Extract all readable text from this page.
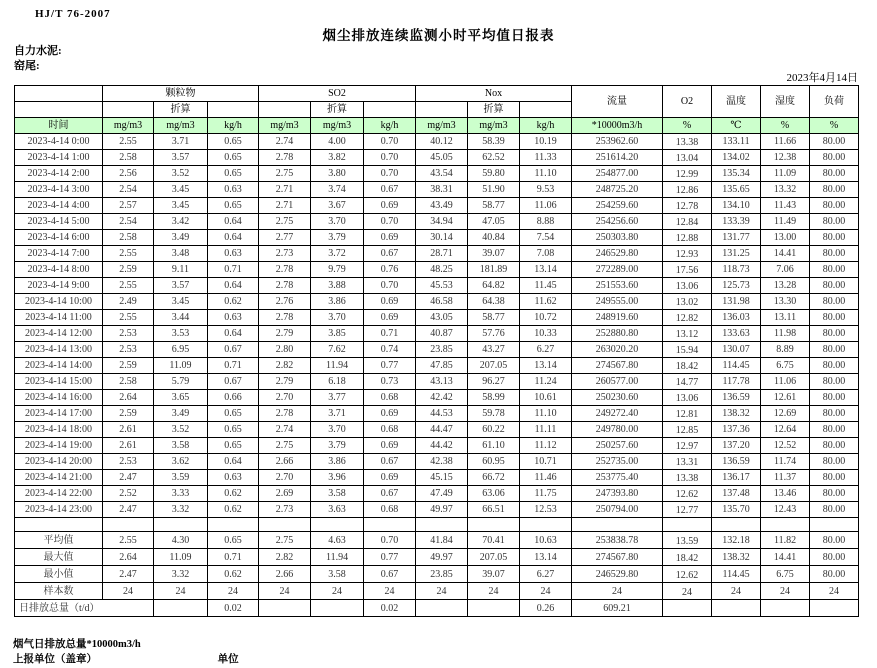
HJ/T 76-2007
烟尘排放连续监测小时平均值日报表
自力水泥:
窑尾:
2023年4月14日
	颗粒物			SO2			Nox			流量	O2	温度	湿度	负荷
		折算			折算			折算						
时间	mg/m3	mg/m3	kg/h	mg/m3	mg/m3	kg/h	mg/m3	mg/m3	kg/h	*10000m3/h	%	℃	%	%
2023-4-14 0:00	2.55	3.71	0.65	2.74	4.00	0.70	40.12	58.39	10.19	253962.60	13.38	133.11	11.66	80.00
2023-4-14 1:00	2.58	3.57	0.65	2.78	3.82	0.70	45.05	62.52	11.33	251614.20	13.04	134.02	12.38	80.00
2023-4-14 2:00	2.56	3.52	0.65	2.75	3.80	0.70	43.54	59.80	11.10	254877.00	12.99	135.34	11.09	80.00
2023-4-14 3:00	2.54	3.45	0.63	2.71	3.74	0.67	38.31	51.90	9.53	248725.20	12.86	135.65	13.32	80.00
2023-4-14 4:00	2.57	3.45	0.65	2.71	3.67	0.69	43.49	58.77	11.06	254259.60	12.78	134.10	11.43	80.00
2023-4-14 5:00	2.54	3.42	0.64	2.75	3.70	0.70	34.94	47.05	8.88	254256.60	12.84	133.39	11.49	80.00
2023-4-14 6:00	2.58	3.49	0.64	2.77	3.79	0.69	30.14	40.84	7.54	250303.80	12.88	131.77	13.00	80.00
2023-4-14 7:00	2.55	3.48	0.63	2.73	3.72	0.67	28.71	39.07	7.08	246529.80	12.93	131.25	14.41	80.00
2023-4-14 8:00	2.59	9.11	0.71	2.78	9.79	0.76	48.25	181.89	13.14	272289.00	17.56	118.73	7.06	80.00
2023-4-14 9:00	2.55	3.57	0.64	2.78	3.88	0.70	45.53	64.82	11.45	251553.60	13.06	125.73	13.28	80.00
2023-4-14 10:00	2.49	3.45	0.62	2.76	3.86	0.69	46.58	64.38	11.62	249555.00	13.02	131.98	13.30	80.00
2023-4-14 11:00	2.55	3.44	0.63	2.78	3.70	0.69	43.05	58.77	10.72	248919.60	12.82	136.03	13.11	80.00
2023-4-14 12:00	2.53	3.53	0.64	2.79	3.85	0.71	40.87	57.76	10.33	252880.80	13.12	133.63	11.98	80.00
2023-4-14 13:00	2.53	6.95	0.67	2.80	7.62	0.74	23.85	43.27	6.27	263020.20	15.94	130.07	8.89	80.00
2023-4-14 14:00	2.59	11.09	0.71	2.82	11.94	0.77	47.85	207.05	13.14	274567.80	18.42	114.45	6.75	80.00
2023-4-14 15:00	2.58	5.79	0.67	2.79	6.18	0.73	43.13	96.27	11.24	260577.00	14.77	117.78	11.06	80.00
2023-4-14 16:00	2.64	3.65	0.66	2.70	3.77	0.68	42.42	58.99	10.61	250230.60	13.06	136.59	12.61	80.00
2023-4-14 17:00	2.59	3.49	0.65	2.78	3.71	0.69	44.53	59.78	11.10	249272.40	12.81	138.32	12.69	80.00
2023-4-14 18:00	2.61	3.52	0.65	2.74	3.70	0.68	44.47	60.22	11.11	249780.00	12.85	137.36	12.64	80.00
2023-4-14 19:00	2.61	3.58	0.65	2.75	3.79	0.69	44.42	61.10	11.12	250257.60	12.97	137.20	12.52	80.00
2023-4-14 20:00	2.53	3.62	0.64	2.66	3.86	0.67	42.38	60.95	10.71	252735.00	13.31	136.59	11.74	80.00
2023-4-14 21:00	2.47	3.59	0.63	2.70	3.96	0.69	45.15	66.72	11.46	253775.40	13.38	136.17	11.37	80.00
2023-4-14 22:00	2.52	3.33	0.62	2.69	3.58	0.67	47.49	63.06	11.75	247393.80	12.62	137.48	13.46	80.00
2023-4-14 23:00	2.47	3.32	0.62	2.73	3.63	0.68	49.97	66.51	12.53	250794.00	12.77	135.70	12.43	80.00

平均值	2.55	4.30	0.65	2.75	4.63	0.70	41.84	70.41	10.63	253838.78	13.59	132.18	11.82	80.00
最大值	2.64	11.09	0.71	2.82	11.94	0.77	49.97	207.05	13.14	274567.80	18.42	138.32	14.41	80.00
最小值	2.47	3.32	0.62	2.66	3.58	0.67	23.85	39.07	6.27	246529.80	12.62	114.45	6.75	80.00
样本数	24	24	24	24	24	24	24	24	24	24	24	24	24	24
日排放总量（t/d）			0.02			0.02			0.26	609.21				
烟气日排放总量*10000m3/h
上报单位（盖章）	单位
